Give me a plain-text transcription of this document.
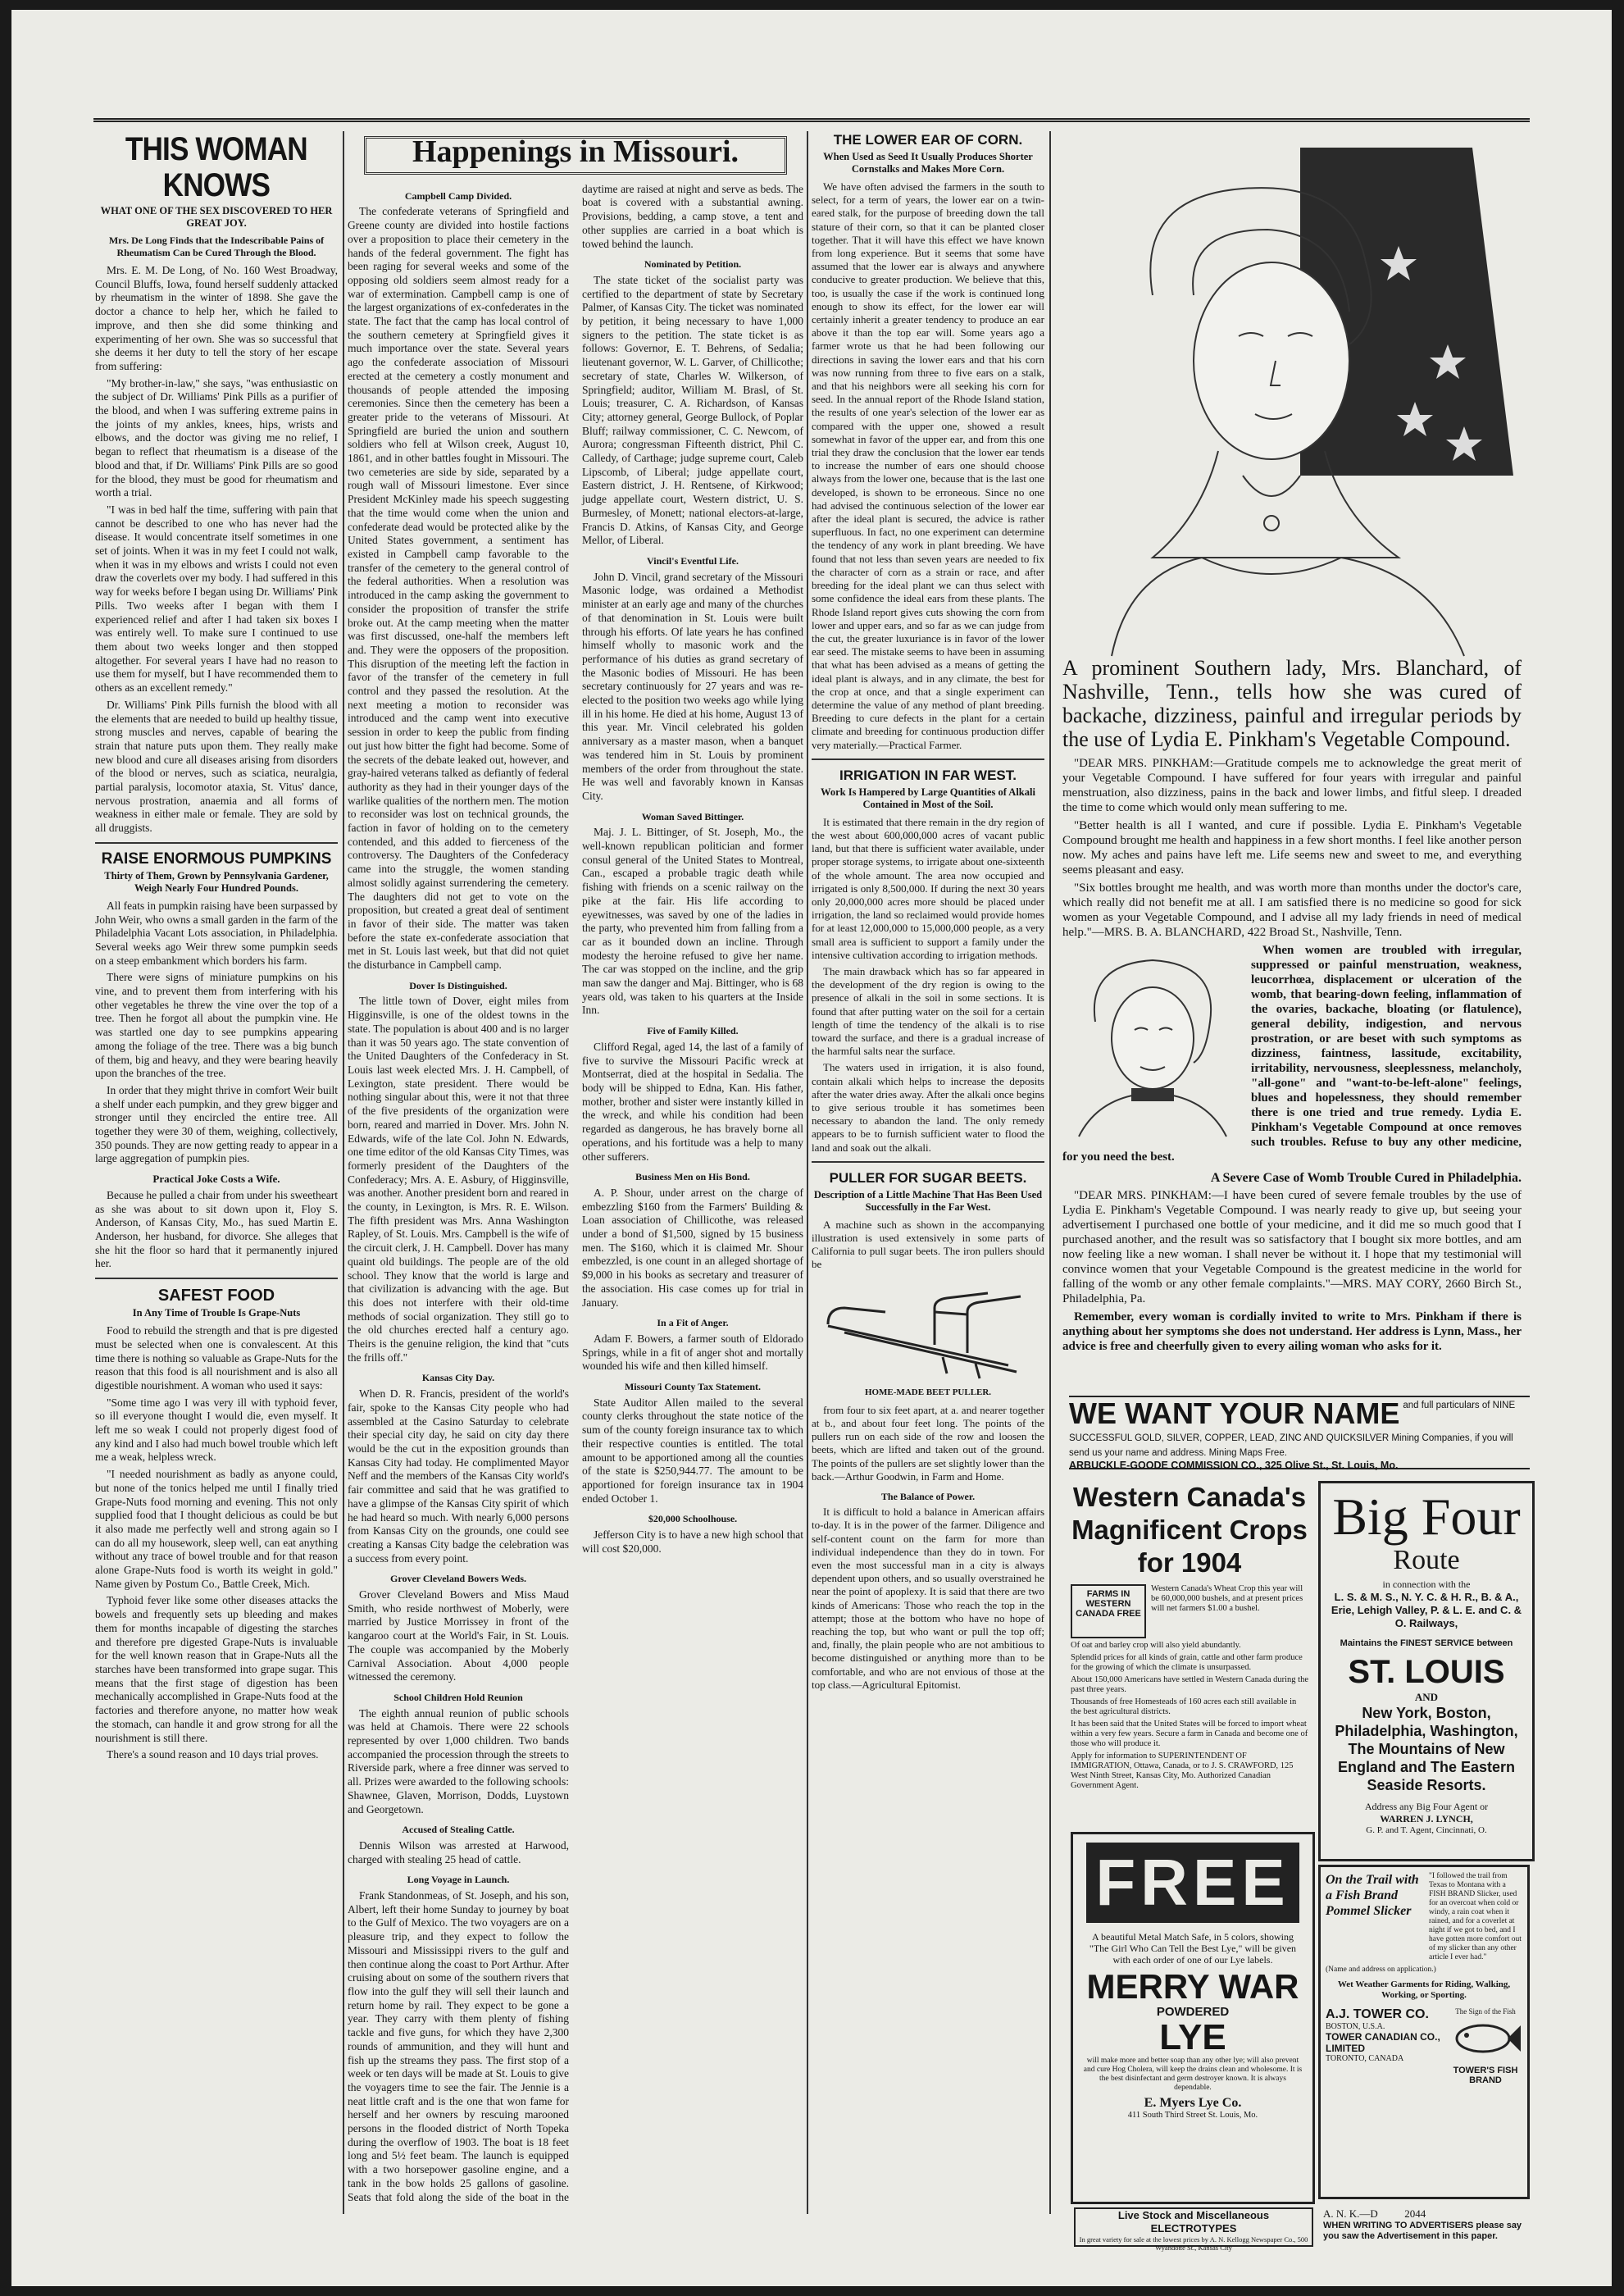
THIS WOMAN KNOWS
WHAT ONE OF THE SEX DISCOVERED TO HER GREAT JOY.
Mrs. De Long Finds that the Indescribable Pains of Rheumatism Can be Cured Through the Blood.

Mrs. E. M. De Long, of No. 160 West Broadway, Council Bluffs, Iowa, found herself suddenly attacked by rheumatism in the winter of 1898. She gave the doctor a chance to help her, which he failed to improve, and then she did some thinking and experimenting of her own. She was so successful that she deems it her duty to tell the story of her escape from suffering:

"My brother-in-law," she says, "was enthusiastic on the subject of Dr. Williams' Pink Pills as a purifier of the blood, and when I was suffering extreme pains in the joints of my ankles, knees, hips, wrists and elbows, and the doctor was giving me no relief, I began to reflect that rheumatism is a disease of the blood and that, if Dr. Williams' Pink Pills are so good for the blood, they must be good for rheumatism and worth a trial.

"I was in bed half the time, suffering with pain that cannot be described to one who has never had the disease. It would concentrate itself sometimes in one set of joints. When it was in my feet I could not walk, when it was in my elbows and wrists I could not even draw the coverlets over my body. I had suffered in this way for weeks before I began using Dr. Williams' Pink Pills. Two weeks after I began with them I experienced relief and after I had taken six boxes I was entirely well. To make sure I continued to use them about two weeks longer and then stopped altogether. For several years I have had no reason to use them for myself, but I have recommended them to others as an excellent remedy."

Dr. Williams' Pink Pills furnish the blood with all the elements that are needed to build up healthy tissue, strong muscles and nerves, capable of bearing the strain that nature puts upon them. They really make new blood and cure all diseases arising from disorders of the blood or nerves, such as sciatica, neuralgia, partial paralysis, locomotor ataxia, St. Vitus' dance, nervous prostration, anaemia and all forms of weakness in either male or female. They are sold by all druggists.

RAISE ENORMOUS PUMPKINS
Thirty of Them, Grown by Pennsylvania Gardener, Weigh Nearly Four Hundred Pounds.

All feats in pumpkin raising have been surpassed by John Weir, who owns a small garden in the farm of the Philadelphia Vacant Lots association, in Philadelphia. Several weeks ago Weir threw some pumpkin seeds on a steep embankment which borders his farm.

There were signs of miniature pumpkins on his vine, and to prevent them from interfering with his other vegetables he threw the vine over the top of a tree. Then he forgot all about the pumpkin vine. He was startled one day to see pumpkins appearing among the foliage of the tree. There was a big bunch of them, big and heavy, and they were bearing heavily upon the branches of the tree.

In order that they might thrive in comfort Weir built a shelf under each pumpkin, and they grew bigger and stronger until they encircled the entire tree. All together they were 30 of them, weighing, collectively, 350 pounds. They are now getting ready to appear in a large aggregation of pumpkin pies.

Practical Joke Costs a Wife.

Because he pulled a chair from under his sweetheart as she was about to sit down upon it, Floy S. Anderson, of Kansas City, Mo., has sued Martin E. Anderson, her husband, for divorce. She alleges that she hit the floor so hard that it permanently injured her.

SAFEST FOOD
In Any Time of Trouble Is Grape-Nuts

Food to rebuild the strength and that is pre digested must be selected when one is convalescent. At this time there is nothing so valuable as Grape-Nuts for the reason that this food is all nourishment and is also all digestible nourishment. A woman who used it says:

"Some time ago I was very ill with typhoid fever, so ill everyone thought I would die, even myself. It left me so weak I could not properly digest food of any kind and I also had much bowel trouble which left me a weak, helpless wreck.

"I needed nourishment as badly as anyone could, but none of the tonics helped me until I finally tried Grape-Nuts food morning and evening. This not only supplied food that I thought delicious as could be but it also made me perfectly well and strong again so I can do all my housework, sleep well, can eat anything without any trace of bowel trouble and for that reason alone Grape-Nuts food is worth its weight in gold." Name given by Postum Co., Battle Creek, Mich.

Typhoid fever like some other diseases attacks the bowels and frequently sets up bleeding and makes them for months incapable of digesting the starches and therefore pre digested Grape-Nuts is invaluable for the well known reason that in Grape-Nuts all the starches have been transformed into grape sugar. This means that the first stage of digestion has been mechanically accomplished in Grape-Nuts food at the factories and therefore anyone, no matter how weak the stomach, can handle it and grow strong for all the nourishment is still there.

There's a sound reason and 10 days trial proves.

Happenings in Missouri.
Campbell Camp Divided.

The confederate veterans of Springfield and Greene county are divided into hostile factions over a proposition to place their cemetery in the hands of the federal government. The fight has been raging for several weeks and some of the opposing old soldiers seem almost ready for a war of extermination. Campbell camp is one of the largest organizations of ex-confederates in the state. The fact that the camp has local control of the southern cemetery at Springfield gives it much importance over the state. Several years ago the confederate association of Missouri erected at the cemetery a costly monument and thousands of people attended the imposing ceremonies. Since then the cemetery has been a greater pride to the veterans of Missouri. At Springfield are buried the union and southern soldiers who fell at Wilson creek, August 10, 1861, and in other battles fought in Missouri. The two cemeteries are side by side, separated by a rough wall of Missouri limestone. Ever since President McKinley made his speech suggesting that the time would come when the union and confederate dead would be protected alike by the United States government, a sentiment has existed in Campbell camp favorable to the transfer of the cemetery to the general control of the federal authorities. When a resolution was introduced in the camp asking the government to consider the proposition of transfer the strife broke out. At the camp meeting when the matter was first discussed, one-half the members left and. They were the opposers of the proposition. This disruption of the meeting left the faction in favor of the transfer of the cemetery in full control and they passed the resolution. At the next meeting a motion to reconsider was introduced and the camp went into executive session in order to keep the public from finding out just how bitter the fight had become. Some of the secrets of the debate leaked out, however, and gray-haired veterans talked as defiantly of federal authority as they had in their younger days of the warlike qualities of the northern men. The motion to reconsider was lost on technical grounds, the faction in favor of holding on to the cemetery contended, and this added to fierceness of the controversy. The Daughters of the Confederacy came into the struggle, the women standing almost solidly against surrendering the cemetery. The daughters did not get to vote on the proposition, but created a great deal of sentiment in favor of their side. The matter was taken before the state ex-confederate association that met in St. Louis last week, but that did not quiet the disturbance in Campbell camp.

Dover Is Distinguished.

The little town of Dover, eight miles from Higginsville, is one of the oldest towns in the state. The population is about 400 and is no larger than it was 50 years ago. The state convention of the United Daughters of the Confederacy in St. Louis last week elected Mrs. J. H. Campbell, of Lexington, state president. There would be nothing singular about this, were it not that three of the five presidents of the organization were born, reared and married in Dover. Mrs. John N. Edwards, wife of the late Col. John N. Edwards, one time editor of the old Kansas City Times, was formerly president of the Daughters of the Confederacy; Mrs. A. E. Asbury, of Higginsville, was another. Another president born and reared in the county, in Lexington, is Mrs. R. E. Wilson. The fifth president was Mrs. Anna Washington Rapley, of St. Louis. Mrs. Campbell is the wife of the circuit clerk, J. H. Campbell. Dover has many quaint old buildings. The people are of the old school. They know that the world is large and that civilization is advancing with the age. But this does not interfere with their old-time methods of social organization. They still go to the old churches erected half a century ago. Theirs is the genuine religion, the kind that "cuts the frills off."

Kansas City Day.

When D. R. Francis, president of the world's fair, spoke to the Kansas City people who had assembled at the Casino Saturday to celebrate their special city day, he said on city day there would be the cut in the exposition grounds than Kansas City had today. He complimented Mayor Neff and the members of the Kansas City world's fair committee and said that he was gratified to have a glimpse of the Kansas City spirit of which he had heard so much. With nearly 6,000 persons from Kansas City on the grounds, one could see creating a Kansas City badge the celebration was a success from every point.

Grover Cleveland Bowers Weds.

Grover Cleveland Bowers and Miss Maud Smith, who reside northwest of Moberly, were married by Justice Morrissey in front of the kangaroo court at the World's Fair, in St. Louis. The couple was accompanied by the Moberly Carnival Association. About 4,000 people witnessed the ceremony.

School Children Hold Reunion

The eighth annual reunion of public schools was held at Chamois. There were 22 schools represented by over 1,000 children. Two bands accompanied the procession through the streets to Riverside park, where a free dinner was served to all. Prizes were awarded to the following schools: Shawnee, Glaven, Morrison, Dodds, Luystown and Georgetown.

Accused of Stealing Cattle.

Dennis Wilson was arrested at Harwood, charged with stealing 25 head of cattle.

Long Voyage in Launch.

Frank Standonmeas, of St. Joseph, and his son, Albert, left their home Sunday to journey by boat to the Gulf of Mexico. The two voyagers are on a pleasure trip, and they expect to follow the Missouri and Mississippi rivers to the gulf and then continue along the coast to Port Arthur. After cruising about on some of the southern rivers that flow into the gulf they will sell their launch and return home by rail. They expect to be gone a year. They carry with them plenty of fishing tackle and five guns, for which they have 2,300 rounds of ammunition, and they will hunt and fish up the streams they pass. The first stop of a week or ten days will be made at St. Louis to give the voyagers time to see the fair. The Jennie is a neat little craft and is the one that won fame for herself and her owners by rescuing marooned persons in the flooded district of North Topeka during the overflow of 1903. The boat is 18 feet long and 5½ feet beam. The launch is equipped with a two horsepower gasoline engine, and a tank in the bow holds 25 gallons of gasoline. Seats that fold along the side of the boat in the daytime are raised at night and serve as beds. The boat is covered with a substantial awning. Provisions, bedding, a camp stove, a tent and other supplies are carried in a boat which is towed behind the launch.

Nominated by Petition.

The state ticket of the socialist party was certified to the department of state by Secretary Palmer, of Kansas City. The ticket was nominated by petition, it being necessary to have 1,000 signers to the petition. The state ticket is as follows: Governor, E. T. Behrens, of Sedalia; lieutenant governor, W. L. Garver, of Chillicothe; secretary of state, Charles W. Wilkerson, of Springfield; auditor, William M. Brasl, of St. Louis; treasurer, C. A. Richardson, of Kansas City; attorney general, George Bullock, of Poplar Bluff; railway commissioner, C. C. Newcom, of Aurora; congressman Fifteenth district, Phil C. Calledy, of Carthage; judge supreme court, Caleb Lipscomb, of Liberal; judge appellate court, Eastern district, J. H. Rentsene, of Kirkwood; judge appellate court, Western district, U. S. Burmesley, of Monett; national electors-at-large, Francis D. Atkins, of Kansas City, and George Mellor, of Liberal.

Vincil's Eventful Life.

John D. Vincil, grand secretary of the Missouri Masonic lodge, was ordained a Methodist minister at an early age and many of the churches of that denomination in St. Louis were built through his efforts. Of late years he has confined himself wholly to masonic work and the performance of his duties as grand secretary of the Masonic bodies of Missouri. He has been secretary continuously for 27 years and was re-elected to the position two weeks ago while lying ill in his home. He died at his home, August 13 of this year. Mr. Vincil celebrated his golden anniversary as a master mason, when a banquet was tendered him in St. Louis by prominent members of the order from throughout the state. He was well and favorably known in Kansas City.

Woman Saved Bittinger.

Maj. J. L. Bittinger, of St. Joseph, Mo., the well-known republican politician and former consul general of the United States to Montreal, Can., escaped a probable tragic death while fishing with friends on a scenic railway on the pike at the fair. His life according to eyewitnesses, was saved by one of the ladies in the party, who prevented him from falling from a car as it bounded down an incline. Through modesty the heroine refused to give her name. The car was stopped on the incline, and the grip man saw the danger and Maj. Bittinger, who is 68 years old, was taken to his quarters at the Inside Inn.

Five of Family Killed.

Clifford Regal, aged 14, the last of a family of five to survive the Missouri Pacific wreck at Montserrat, died at the hospital in Sedalia. The body will be shipped to Edna, Kan. His father, mother, brother and sister were instantly killed in the wreck, and while his condition had been regarded as dangerous, he has bravely borne all operations, and his fortitude was a help to many other sufferers.

Business Men on His Bond.

A. P. Shour, under arrest on the charge of embezzling $160 from the Farmers' Building & Loan association of Chillicothe, was released under a bond of $1,500, signed by 15 business men. The $160, which it is claimed Mr. Shour embezzled, is one count in an alleged shortage of $9,000 in his books as secretary and treasurer of the association. His case comes up for trial in January.

In a Fit of Anger.

Adam F. Bowers, a farmer south of Eldorado Springs, while in a fit of anger shot and mortally wounded his wife and then killed himself.

Missouri County Tax Statement.

State Auditor Allen mailed to the several county clerks throughout the state notice of the sum of the county foreign insurance tax to which their respective counties is entitled. The total amount to be apportioned among all the counties of the state is $250,944.77. The amount to be apportioned for foreign insurance tax in 1904 ended October 1.

$20,000 Schoolhouse.

Jefferson City is to have a new high school that will cost $20,000.

THE LOWER EAR OF CORN.
When Used as Seed It Usually Produces Shorter Cornstalks and Makes More Corn.

We have often advised the farmers in the south to select, for a term of years, the lower ear on a twin-eared stalk, for the purpose of breeding down the tall stature of their corn, so that it can be planted closer together. That it will have this effect we have known from long experience. But it seems that some have assumed that the lower ear is always and anywhere conducive to greater production. We believe that this, too, is usually the case if the work is continued long enough to show its effect, for the lower ear will certainly inherit a greater tendency to produce an ear above it than the top ear will. Some years ago a farmer wrote us that he had been following our directions in saving the lower ears and that his corn was now running from three to five ears on a stalk, and that his neighbors were all seeking his corn for seed. In the annual report of the Rhode Island station, the results of one year's selection of the lower ear as compared with the upper one, showed a result somewhat in favor of the upper ear, and from this one trial they draw the conclusion that the lower ear tends to increase the number of ears one should choose always from the lower one, because that is the last one developed, is shown to be erroneous. Since no one had advised the continuous selection of the lower ear after the ideal plant is secured, the advice is rather superfluous. In fact, no one experiment can determine the tendency of any work in plant breeding. We have found that not less than seven years are needed to fix the character of corn as a strain or race, and after breeding for the ideal plant we can thus select with some confidence the ideal ears from these plants. The Rhode Island report gives cuts showing the corn from lower and upper ears, and so far as we can judge from the cut, the greater luxuriance is in favor of the lower ear seed. The mistake seems to have been in assuming that what has been advised as a means of getting the ideal plant is always, and in any climate, the best for the crop at once, and that a single experiment can determine the value of any method of plant breeding. Breeding to cure defects in the plant for a certain climate and breeding for continuous production differ very materially.—Practical Farmer.

IRRIGATION IN FAR WEST.
Work Is Hampered by Large Quantities of Alkali Contained in Most of the Soil.

It is estimated that there remain in the dry region of the west about 600,000,000 acres of vacant public land, but that there is sufficient water available, under proper storage systems, to irrigate about one-sixteenth of the whole amount. The area now occupied and irrigated is only 8,500,000. If during the next 30 years only 20,000,000 acres more should be placed under irrigation, the land so reclaimed would provide homes for at least 12,000,000 to 15,000,000 people, as a very small area is sufficient to support a family under the intensive cultivation according to irrigation methods.

The main drawback which has so far appeared in the development of the dry region is owing to the presence of alkali in the soil in some sections. It is found that after putting water on the soil for a certain length of time the tendency of the alkali is to rise toward the surface, and there is a gradual increase of the harmful salts near the surface.

The waters used in irrigation, it is also found, contain alkali which helps to increase the deposits after the water dries away. After the alkali once begins to give serious trouble it has sometimes been necessary to abandon the land. The only remedy appears to be to furnish sufficient water to flood the land and soak out the alkali.

PULLER FOR SUGAR BEETS.
Description of a Little Machine That Has Been Used Successfully in the Far West.

A machine such as shown in the accompanying illustration is used extensively in some parts of California to pull sugar beets. The iron pullers should be

HOME-MADE BEET PULLER.

from four to six feet apart, at a. and nearer together at b., and about four feet long. The points of the pullers run on each side of the row and loosen the beets, which are lifted and taken out of the ground. The points of the pullers are set slightly lower than the back.—Arthur Goodwin, in Farm and Home.

The Balance of Power.

It is difficult to hold a balance in American affairs to-day. It is in the power of the farmer. Diligence and self-content count on the farm for more than individual independence than they do in town. For even the most successful man in a city is always dependent upon others, and so usually overstrained he near the point of apoplexy. It is said that there are two kinds of Americans: Those who reach the top in the attempt; those at the bottom who have no hope of reaching the top, but who want or pull the top off; and, finally, the plain people who are not ambitious to become distinguished or anything more than to be comfortable, and who are not envious of those at the top class.—Agricultural Epitomist.

A prominent Southern lady, Mrs. Blanchard, of Nashville, Tenn., tells how she was cured of backache, dizziness, painful and irregular periods by the use of Lydia E. Pinkham's Vegetable Compound.

"DEAR MRS. PINKHAM:—Gratitude compels me to acknowledge the great merit of your Vegetable Compound. I have suffered for four years with irregular and painful menstruation, also dizziness, pains in the back and lower limbs, and fitful sleep. I dreaded the time to come which would only mean suffering to me.

"Better health is all I wanted, and cure if possible. Lydia E. Pinkham's Vegetable Compound brought me health and happiness in a few short months. I feel like another person now. My aches and pains have left me. Life seems new and sweet to me, and everything seems pleasant and easy.

"Six bottles brought me health, and was worth more than months under the doctor's care, which really did not benefit me at all. I am satisfied there is no medicine so good for sick women as your Vegetable Compound, and I advise all my lady friends in need of medical help."—MRS. B. A. BLANCHARD, 422 Broad St., Nashville, Tenn.

When women are troubled with irregular, suppressed or painful menstruation, weakness, leucorrhœa, displacement or ulceration of the womb, that bearing-down feeling, inflammation of the ovaries, backache, bloating (or flatulence), general debility, indigestion, and nervous prostration, or are beset with such symptoms as dizziness, faintness, lassitude, excitability, irritability, nervousness, sleeplessness, melancholy, "all-gone" and "want-to-be-left-alone" feelings, blues and hopelessness, they should remember there is one tried and true remedy. Lydia E. Pinkham's Vegetable Compound at once removes such troubles. Refuse to buy any other medicine, for you need the best.

A Severe Case of Womb Trouble Cured in Philadelphia.

"DEAR MRS. PINKHAM:—I have been cured of severe female troubles by the use of Lydia E. Pinkham's Vegetable Compound. I was nearly ready to give up, but seeing your advertisement I purchased one bottle of your medicine, and it did me so much good that I purchased another, and the result was so satisfactory that I bought six more bottles, and am now feeling like a new woman. I shall never be without it. I hope that my testimonial will convince women that your Vegetable Compound is the greatest medicine in the world for falling of the womb or any other female complaints."—MRS. MAY CORY, 2660 Birch St., Philadelphia, Pa.

Remember, every woman is cordially invited to write to Mrs. Pinkham if there is anything about her symptoms she does not understand. Her address is Lynn, Mass., her advice is free and cheerfully given to every ailing woman who asks for it.

WE WANT YOUR NAME and full particulars of NINE SUCCESSFUL GOLD, SILVER, COPPER, LEAD, ZINC AND QUICKSILVER Mining Companies, if you will send us your name and address. Mining Maps Free.
ARBUCKLE-GOODE COMMISSION CO., 325 Olive St., St. Louis, Mo.
Western Canada's Magnificent Crops for 1904
FARMS IN WESTERN CANADA FREE
Western Canada's Wheat Crop this year will be 60,000,000 bushels, and at present prices will net farmers $1.00 a bushel.
Of oat and barley crop will also yield abundantly.
Splendid prices for all kinds of grain, cattle and other farm produce for the growing of which the climate is unsurpassed.
About 150,000 Americans have settled in Western Canada during the past three years.
Thousands of free Homesteads of 160 acres each still available in the best agricultural districts.
It has been said that the United States will be forced to import wheat within a very few years. Secure a farm in Canada and become one of those who will produce it.
Apply for information to SUPERINTENDENT OF IMMIGRATION, Ottawa, Canada, or to J. S. CRAWFORD, 125 West Ninth Street, Kansas City, Mo. Authorized Canadian Government Agent.
FREE
A beautiful Metal Match Safe, in 5 colors, showing "The Girl Who Can Tell the Best Lye," will be given with each order of one of our Lye labels.
MERRY WAR
POWDERED
LYE
will make more and better soap than any other lye; will also prevent and cure Hog Cholera, will keep the drains clean and wholesome. It is the best disinfectant and germ destroyer known. It is always dependable.
E. Myers Lye Co.
411 South Third Street St. Louis, Mo.
Big Four
Route
in connection with the
L. S. & M. S., N. Y. C. & H. R., B. & A., Erie, Lehigh Valley, P. & L. E. and C. & O. Railways,
Maintains the FINEST SERVICE between
ST. LOUIS
AND
New York, Boston, Philadelphia, Washington, The Mountains of New England and The Eastern Seaside Resorts.
Address any Big Four Agent or
WARREN J. LYNCH,
G. P. and T. Agent, Cincinnati, O.
On the Trail with a Fish Brand Pommel Slicker
"I followed the trail from Texas to Montana with a FISH BRAND Slicker, used for an overcoat when cold or windy, a rain coat when it rained, and for a coverlet at night if we got to bed, and I have gotten more comfort out of my slicker than any other article I ever had."
(Name and address on application.)
Wet Weather Garments for Riding, Walking, Working, or Sporting.
A.J. TOWER CO.
BOSTON, U.S.A.
TOWER CANADIAN CO., LIMITED
TORONTO, CANADA
The Sign of the Fish
TOWER'S FISH BRAND
Live Stock and Miscellaneous ELECTROTYPES
In great variety for sale at the lowest prices by A. N. Kellogg Newspaper Co., 500 Wyandotte St., Kansas City
A. N. K.—D          2044
WHEN WRITING TO ADVERTISERS please say you saw the Advertisement in this paper.
